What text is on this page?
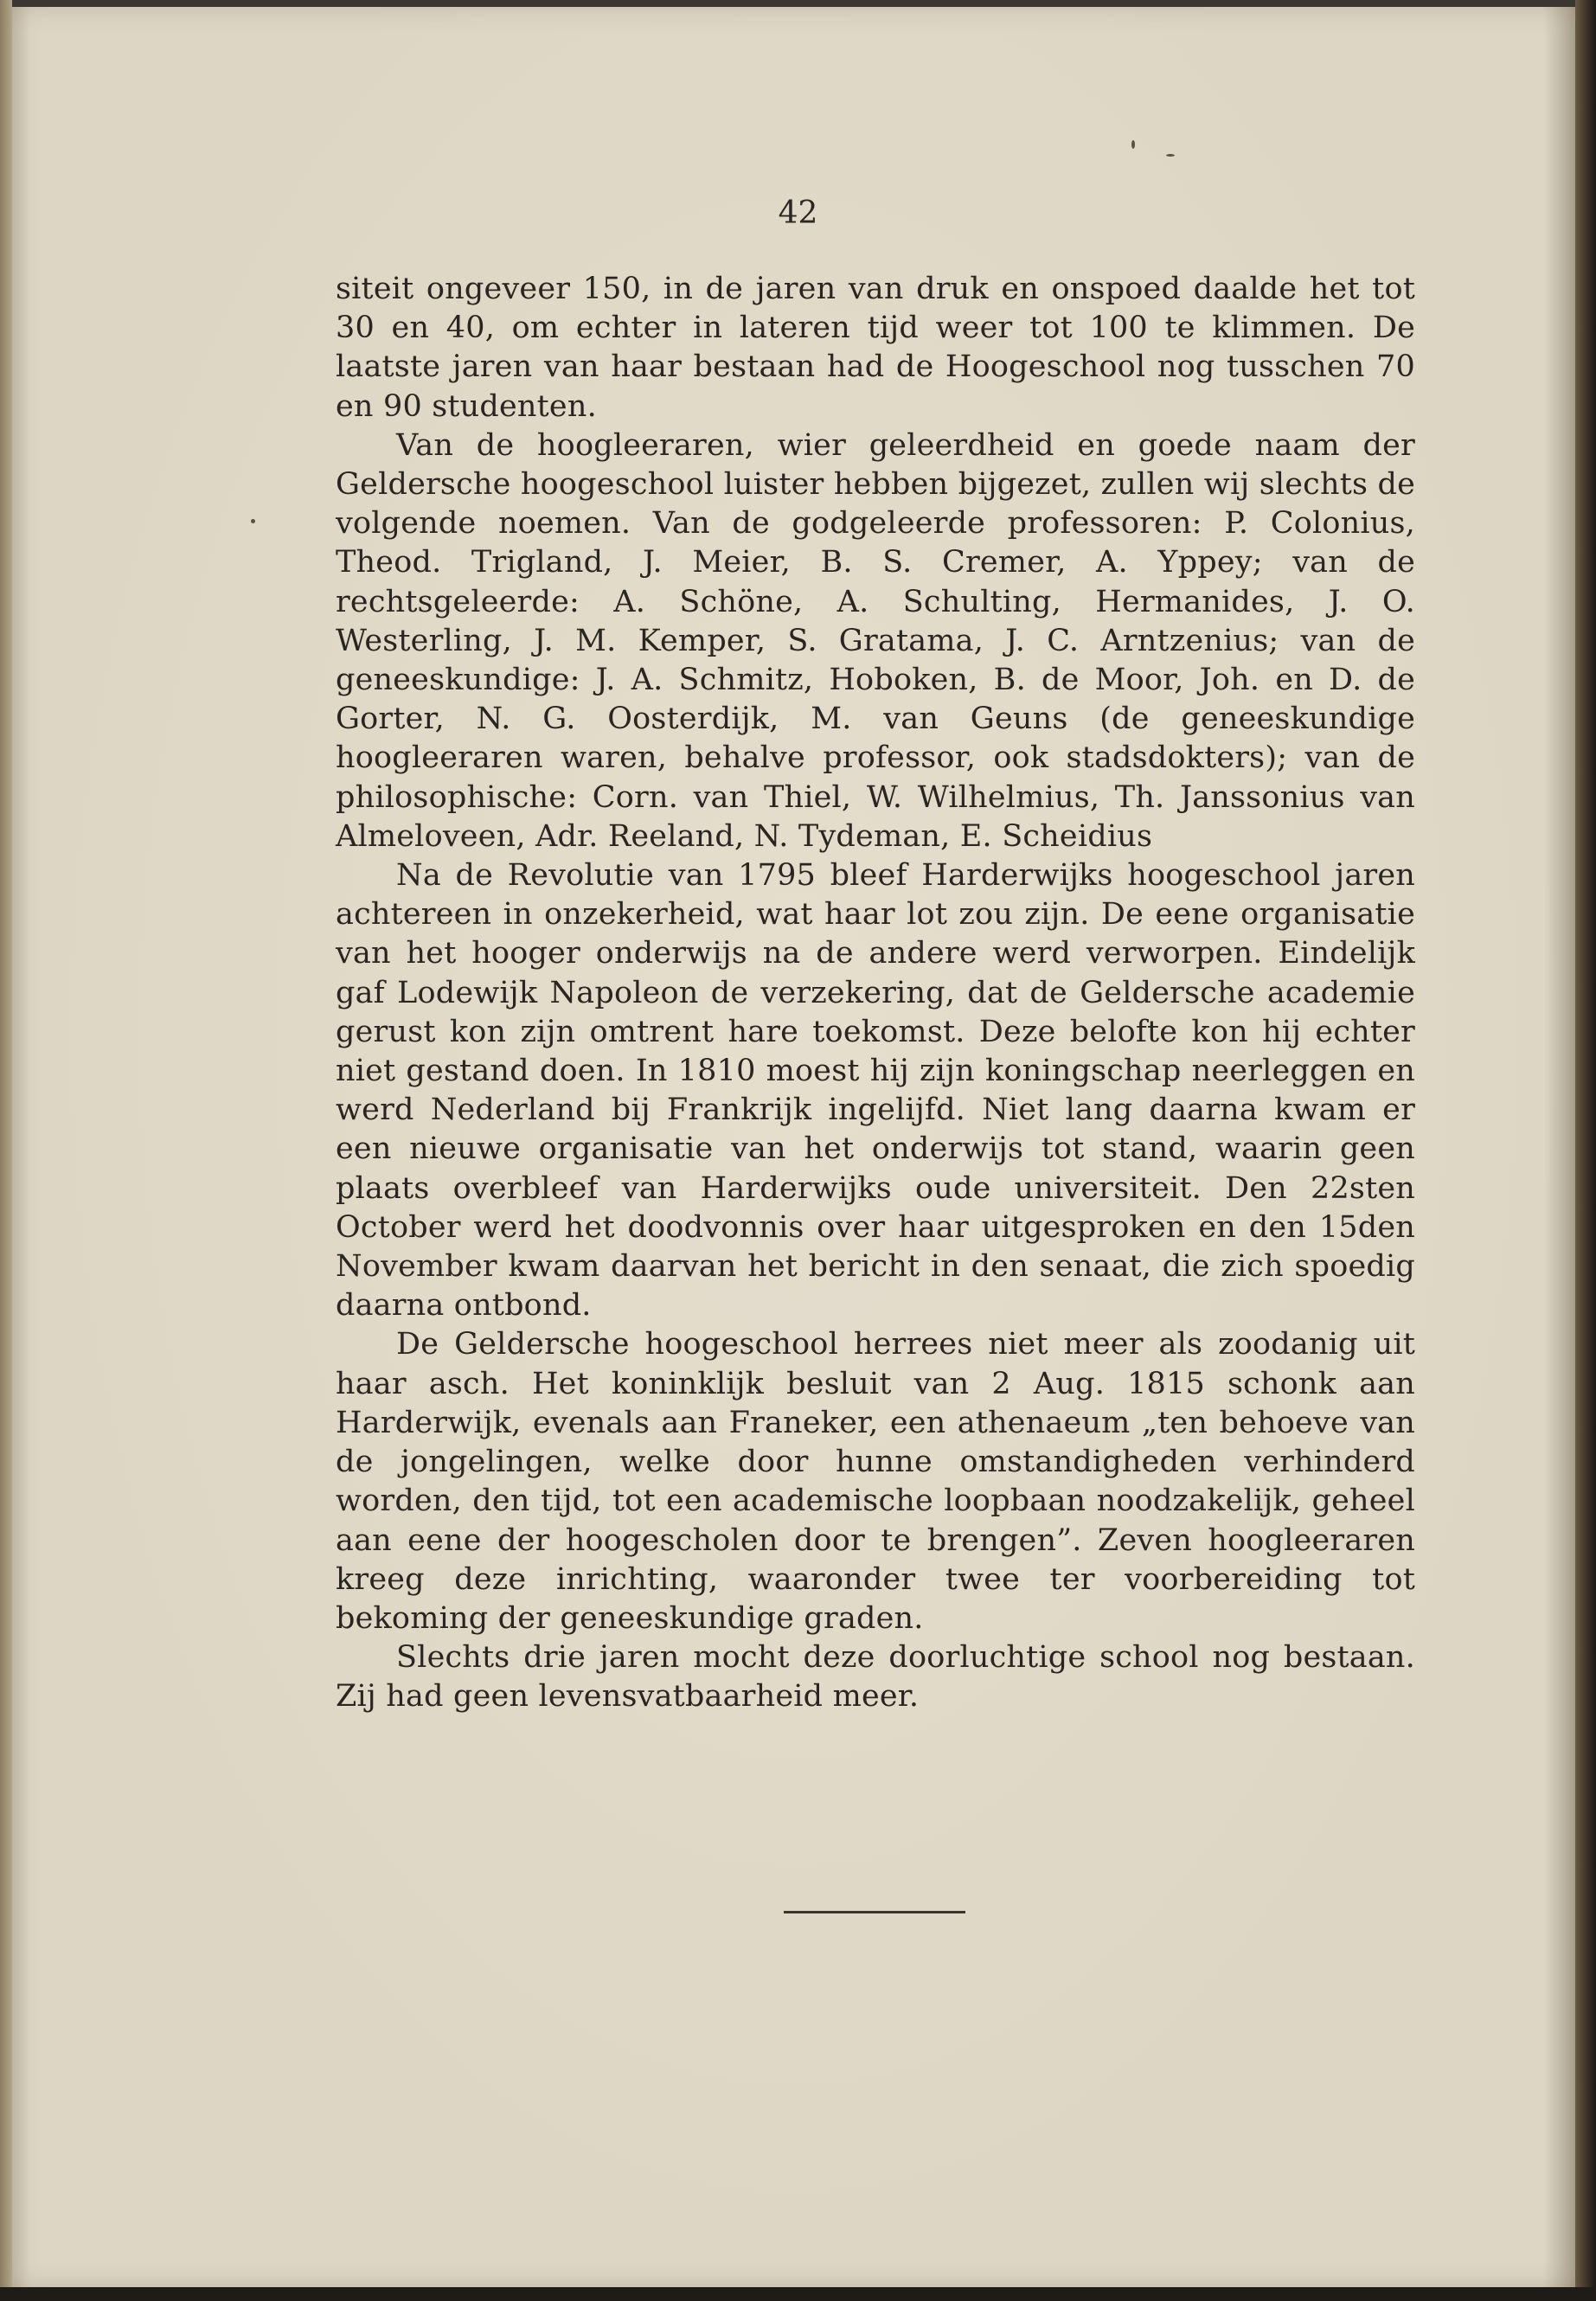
42

siteit ongeveer 150, in de jaren van druk en onspoed daalde het tot 30 en 40, om echter in lateren tijd weer tot 100 te klimmen. De laatste jaren van haar bestaan had de Hoogeschool nog tusschen 70 en 90 studenten.

Van de hoogleeraren, wier geleerdheid en goede naam der Geldersche hoogeschool luister hebben bijgezet, zullen wij slechts de volgende noemen. Van de godgeleerde professoren: P. Colonius, Theod. Trigland, J. Meier, B. S. Cremer, A. Yppey; van de rechtsgeleerde: A. Schöne, A. Schulting, Hermanides, J. O. Westerling, J. M. Kemper, S. Gratama, J. C. Arntzenius; van de geneeskundige: J. A. Schmitz, Hoboken, B. de Moor, Joh. en D. de Gorter, N. G. Oosterdijk, M. van Geuns (de geneeskundige hoogleeraren waren, behalve professor, ook stadsdokters); van de philosophische: Corn. van Thiel, W. Wilhelmius, Th. Janssonius van Almeloveen, Adr. Reeland, N. Tydeman, E. Scheidius

Na de Revolutie van 1795 bleef Harderwijks hoogeschool jaren achtereen in onzekerheid, wat haar lot zou zijn. De eene organisatie van het hooger onderwijs na de andere werd verworpen. Eindelijk gaf Lodewijk Napoleon de verzekering, dat de Geldersche academie gerust kon zijn omtrent hare toekomst. Deze belofte kon hij echter niet gestand doen. In 1810 moest hij zijn koningschap neerleggen en werd Nederland bij Frankrijk ingelijfd. Niet lang daarna kwam er een nieuwe organisatie van het onderwijs tot stand, waarin geen plaats overbleef van Harderwijks oude universiteit. Den 22sten October werd het doodvonnis over haar uitgesproken en den 15den November kwam daarvan het bericht in den senaat, die zich spoedig daarna ontbond.

De Geldersche hoogeschool herrees niet meer als zoodanig uit haar asch. Het koninklijk besluit van 2 Aug. 1815 schonk aan Harderwijk, evenals aan Franeker, een athenaeum „ten behoeve van de jongelingen, welke door hunne omstandigheden verhinderd worden, den tijd, tot een academische loopbaan noodzakelijk, geheel aan eene der hoogescholen door te brengen”. Zeven hoogleeraren kreeg deze inrichting, waaronder twee ter voorbereiding tot bekoming der geneeskundige graden.

Slechts drie jaren mocht deze doorluchtige school nog bestaan. Zij had geen levensvatbaarheid meer.
